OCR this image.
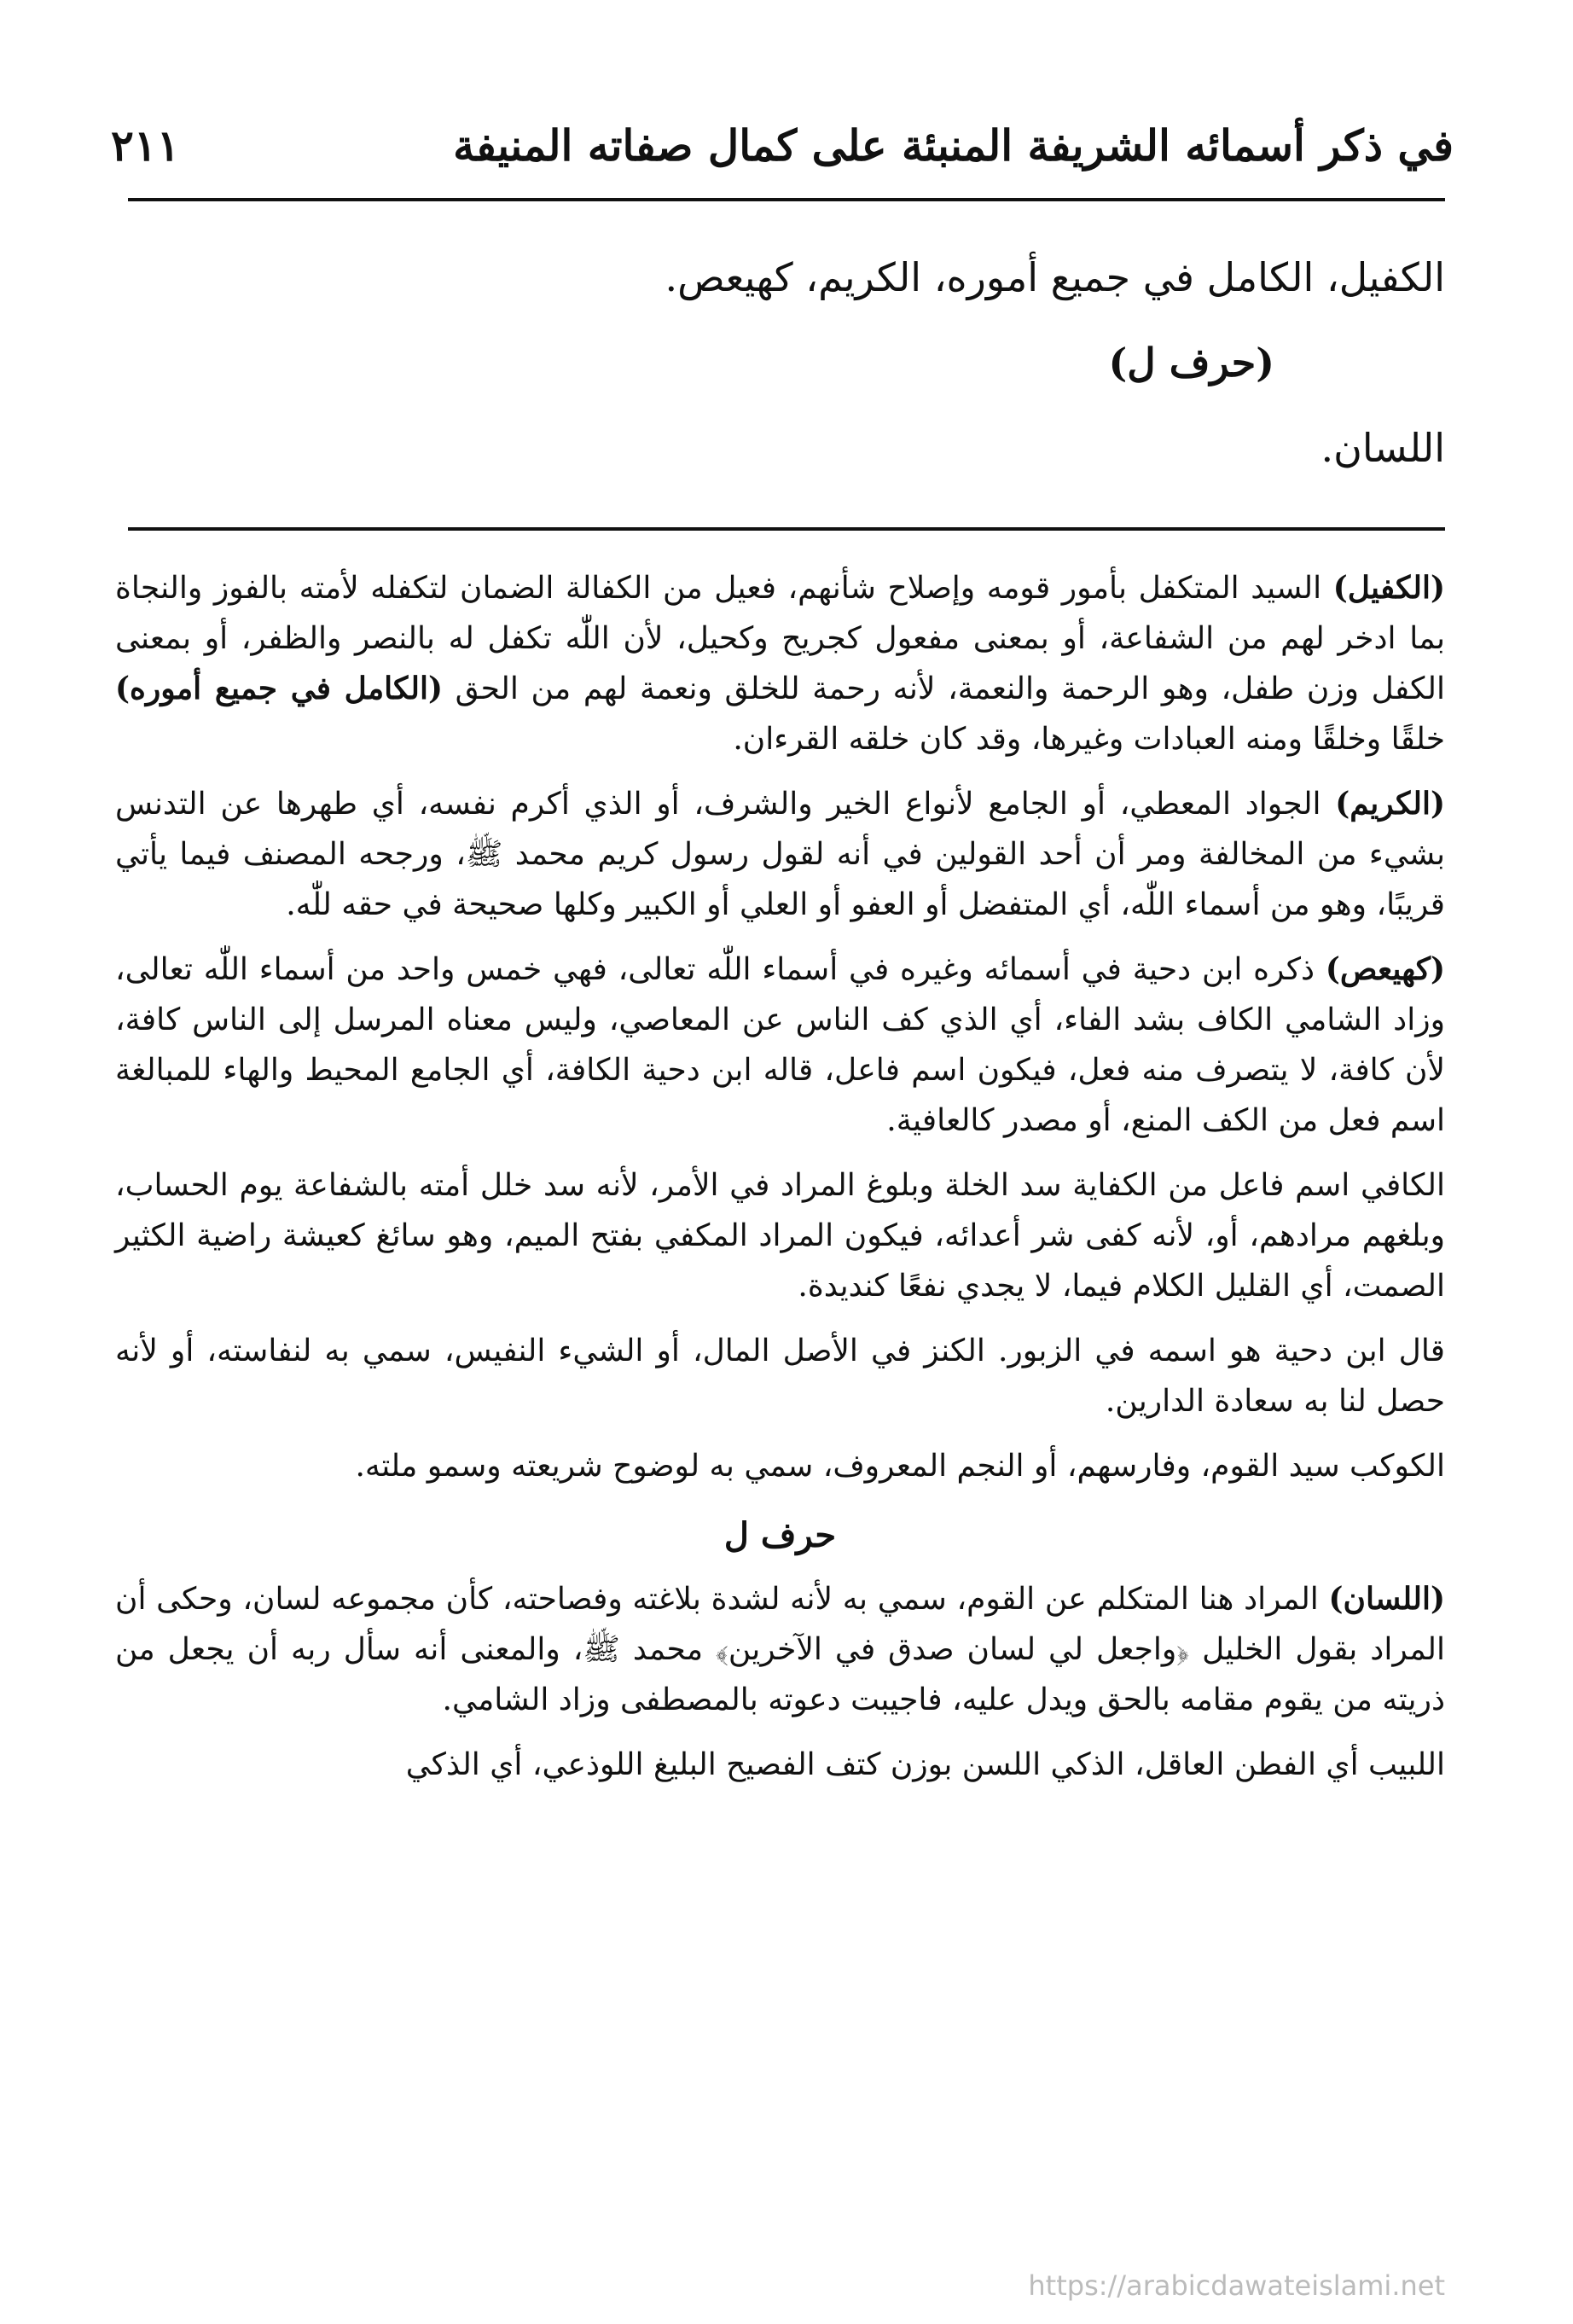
في ذكر أسمائه الشريفة المنبئة على كمال صفاته المنيفة
٢١١
الكفيل، الكامل في جميع أموره، الكريم، كهيعص.
(حرف ل)
اللسان.

(الكفيل) السيد المتكفل بأمور قومه وإصلاح شأنهم، فعيل من الكفالة الضمان لتكفله لأمته بالفوز والنجاة بما ادخر لهم من الشفاعة، أو بمعنى مفعول كجريح وكحيل، لأن اللّٰه تكفل له بالنصر والظفر، أو بمعنى الكفل وزن طفل، وهو الرحمة والنعمة، لأنه رحمة للخلق ونعمة لهم من الحق (الكامل في جميع أموره) خلقًا وخلقًا ومنه العبادات وغيرها، وقد كان خلقه القرءان.

(الكريم) الجواد المعطي، أو الجامع لأنواع الخير والشرف، أو الذي أكرم نفسه، أي طهرها عن التدنس بشيء من المخالفة ومر أن أحد القولين في أنه لقول رسول كريم محمد ﷺ، ورجحه المصنف فيما يأتي قريبًا، وهو من أسماء اللّٰه، أي المتفضل أو العفو أو العلي أو الكبير وكلها صحيحة في حقه للّٰه.

(كهيعص) ذكره ابن دحية في أسمائه وغيره في أسماء اللّٰه تعالى، فهي خمس واحد من أسماء اللّٰه تعالى، وزاد الشامي الكاف بشد الفاء، أي الذي كف الناس عن المعاصي، وليس معناه المرسل إلى الناس كافة، لأن كافة، لا يتصرف منه فعل، فيكون اسم فاعل، قاله ابن دحية الكافة، أي الجامع المحيط والهاء للمبالغة اسم فعل من الكف المنع، أو مصدر كالعافية.

الكافي اسم فاعل من الكفاية سد الخلة وبلوغ المراد في الأمر، لأنه سد خلل أمته بالشفاعة يوم الحساب، وبلغهم مرادهم، أو، لأنه كفى شر أعدائه، فيكون المراد المكفي بفتح الميم، وهو سائغ كعيشة راضية الكثير الصمت، أي القليل الكلام فيما، لا يجدي نفعًا كنديدة.

قال ابن دحية هو اسمه في الزبور. الكنز في الأصل المال، أو الشيء النفيس، سمي به لنفاسته، أو لأنه حصل لنا به سعادة الدارين.

الكوكب سيد القوم، وفارسهم، أو النجم المعروف، سمي به لوضوح شريعته وسمو ملته.

حرف ل

(اللسان) المراد هنا المتكلم عن القوم، سمي به لأنه لشدة بلاغته وفصاحته، كأن مجموعه لسان، وحكى أن المراد بقول الخليل ﴿واجعل لي لسان صدق في الآخرين﴾ محمد ﷺ، والمعنى أنه سأل ربه أن يجعل من ذريته من يقوم مقامه بالحق ويدل عليه، فاجيبت دعوته بالمصطفى وزاد الشامي.

اللبيب أي الفطن العاقل، الذكي اللسن بوزن كتف الفصيح البليغ اللوذعي، أي الذكي

https://arabicdawateislami.net
